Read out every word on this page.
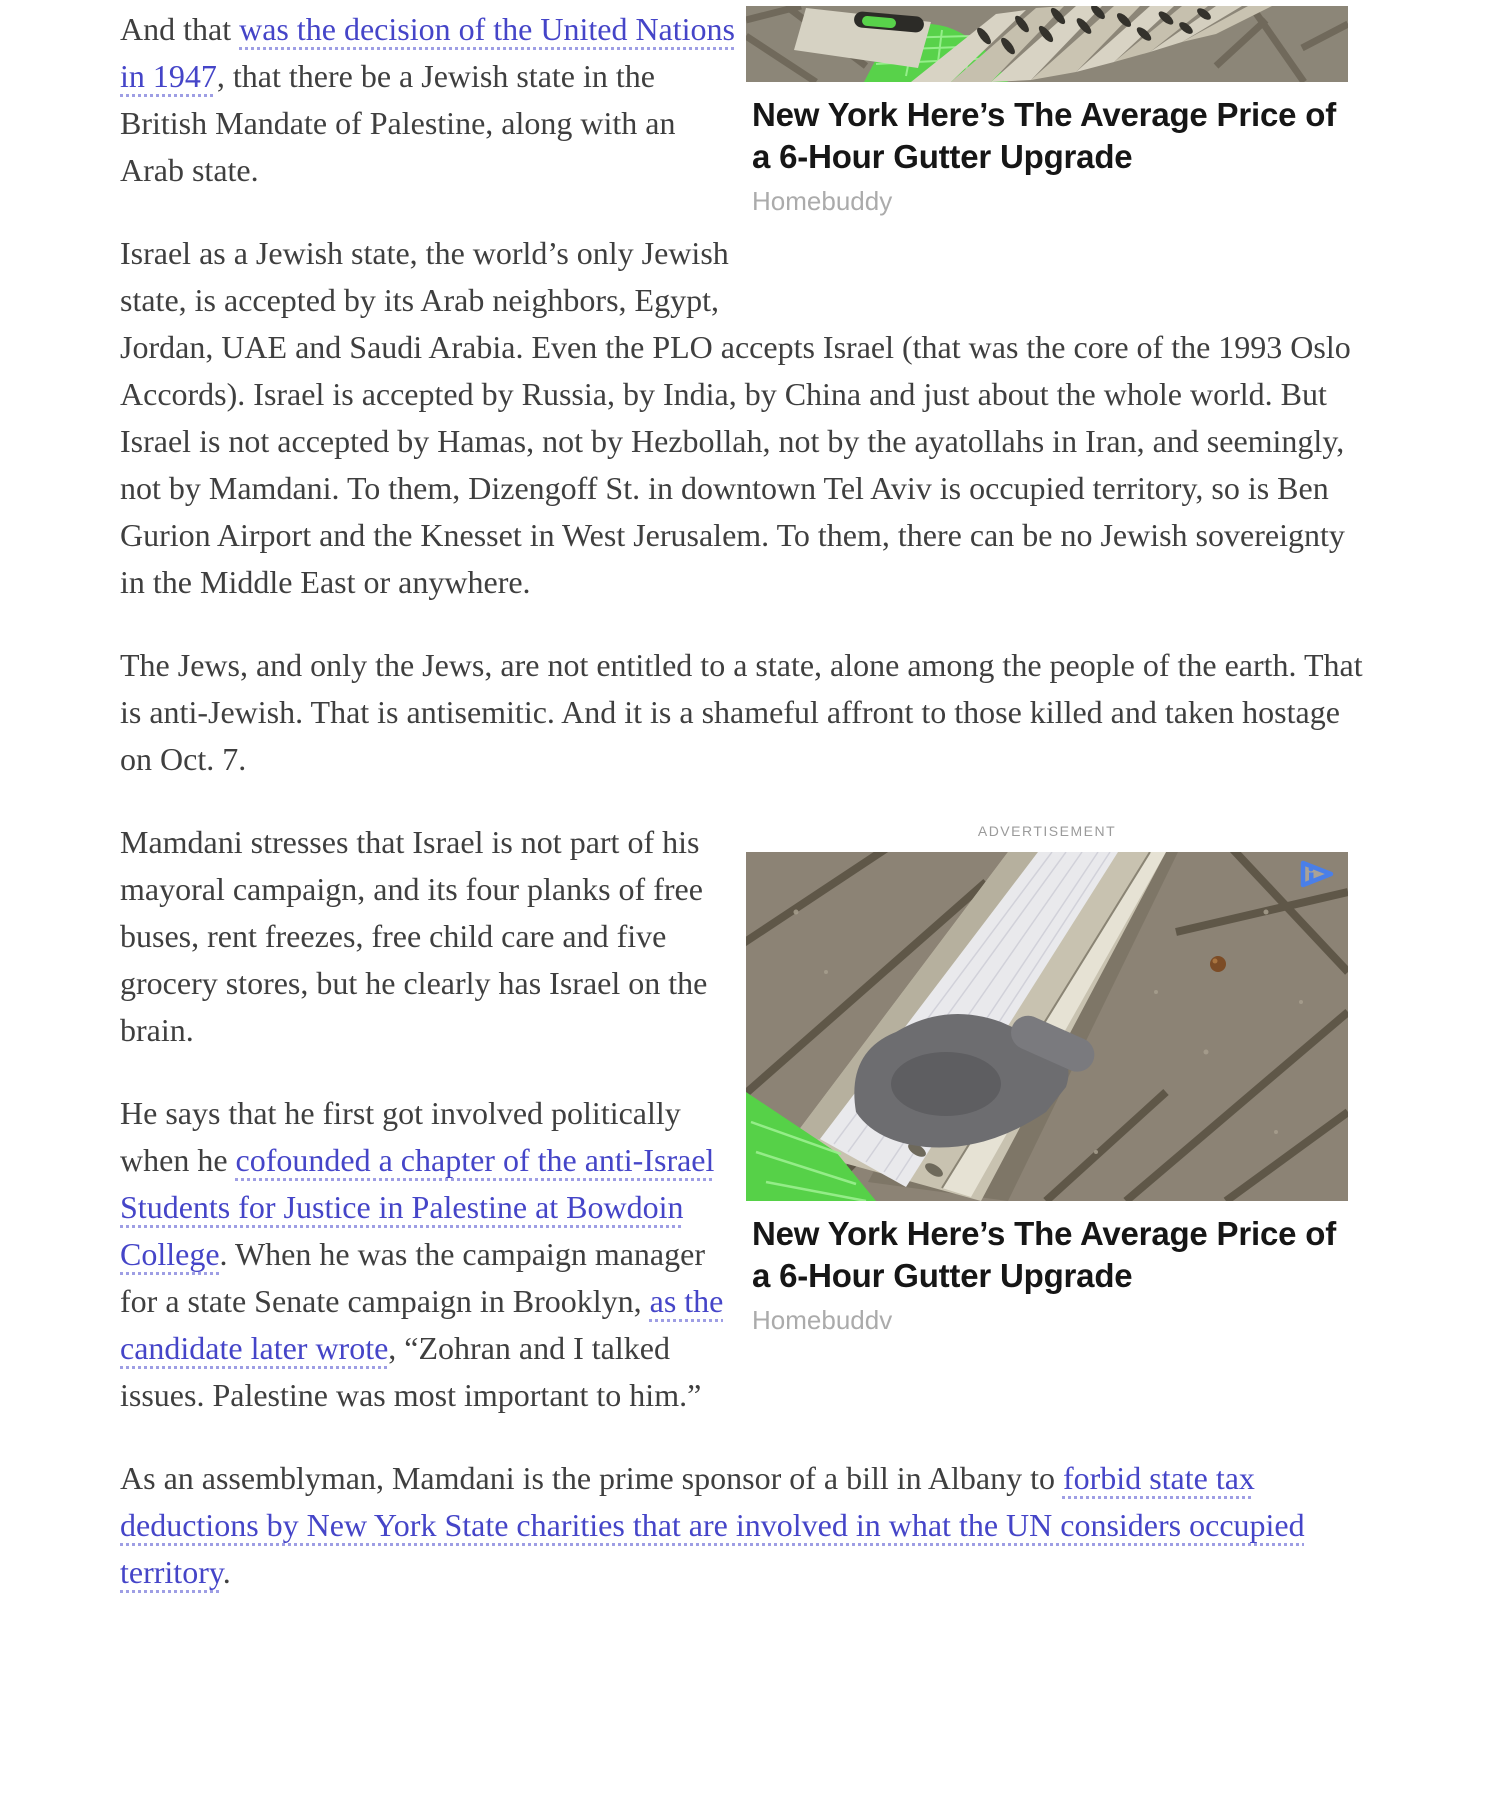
New York Here’s The Average Price of a 6-Hour Gutter Upgrade
Homebuddy
And that was the decision of the United Nations in 1947, that there be a Jewish state in the British Mandate of Palestine, along with an Arab state.
Israel as a Jewish state, the world’s only Jewish state, is accepted by its Arab neighbors, Egypt, Jordan, UAE and Saudi Arabia. Even the PLO accepts Israel (that was the core of the 1993 Oslo Accords). Israel is accepted by Russia, by India, by China and just about the whole world. But Israel is not accepted by Hamas, not by Hezbollah, not by the ayatollahs in Iran, and seemingly, not by Mamdani. To them, Dizengoff St. in downtown Tel Aviv is occupied territory, so is Ben Gurion Airport and the Knesset in West Jerusalem. To them, there can be no Jewish sovereignty in the Middle East or anywhere.
The Jews, and only the Jews, are not entitled to a state, alone among the people of the earth. That is anti-Jewish. That is antisemitic. And it is a shameful affront to those killed and taken hostage on Oct. 7.
ADVERTISEMENT
New York Here’s The Average Price of a 6-Hour Gutter Upgrade
Homebuddv
Mamdani stresses that Israel is not part of his mayoral campaign, and its four planks of free buses, rent freezes, free child care and five grocery stores, but he clearly has Israel on the brain.
He says that he first got involved politically when he cofounded a chapter of the anti-Israel Students for Justice in Palestine at Bowdoin College. When he was the campaign manager for a state Senate campaign in Brooklyn, as the candidate later wrote, “Zohran and I talked issues. Palestine was most important to him.”
As an assemblyman, Mamdani is the prime sponsor of a bill in Albany to forbid state tax deductions by New York State charities that are involved in what the UN considers occupied territory.
